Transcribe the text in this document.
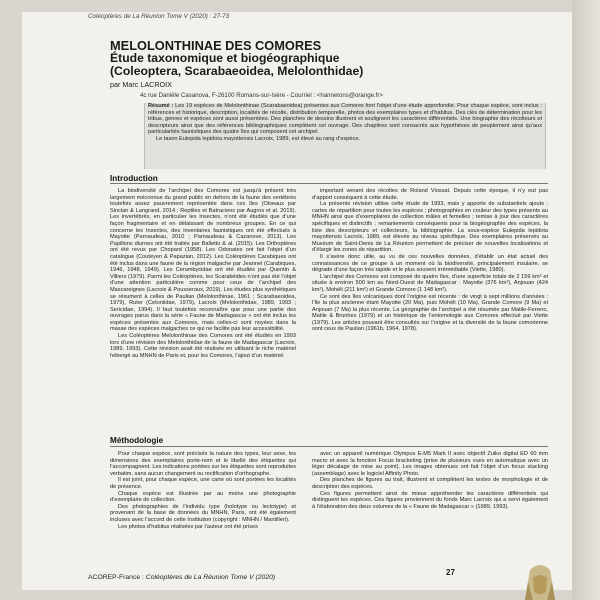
Coléoptères de La Réunion Tome V (2020) : 27-73
MELOLONTHINAE DES COMORES
Étude taxonomique et biogéographique
(Coleoptera, Scarabaeoidea, Melolonthidae)
par Marc LACROIX
4c rue Danièle Casanova, F-26100 Romans-sur-Isère - Courriel : <hannetons@orange.fr>

Résumé : Les 19 espèces de Melolonthinae (Scarabaeoidea) présentes aux Comores font l’objet d’une étude approfondie. Pour chaque espèce, sont inclus : références et historique, description, localités de récolte, distribution temporelle, photos des exemplaires types et d’habitus. Des clés de détermination pour les tribus, genres et espèces sont aussi présentées. Des planches de dessins illustrent et soulignent les caractères différentiels. Une biographie des récolteurs et descripteurs ainsi que des références bibliographiques complètent cet ouvrage. Des chapitres sont consacrés aux hypothèses de peuplement ainsi qu’aux particularités faunistiques des quatre îles qui composent cet archipel.

Le taxon Eulepida lepidota mayottensis Lacroix, 1989, est élevé au rang d’espèce.

Introduction

La biodiversité de l’archipel des Comores est jusqu’à présent très largement méconnue du grand public en dehors de la faune des vertébrés toutefois assez pauvrement représentée dans ces îles (Oiseaux par Sinclair & Langrand, 2014 ; Reptiles et Batraciens par Augros et al. 2019). Les invertébrés, en particulier les Insectes, n’ont été étudiés que d’une façon fragmentaire et en délaissant de nombreux groupes. En ce qui concerne les Insectes, des inventaires faunistiques ont été effectués à Mayotte (Parnaudeau, 2010 ; Parnaudeau & Cazanove, 2013). Les Papillons diurnes ont été traités par Balletto & al. (2015). Les Orthoptères ont été revus par Chopard (1958). Les Odonates ont fait l’objet d’un catalogue (Couteyen & Papazian, 2012). Les Coléoptères Carabiques ont été inclus dans une faune de la région malgache par Jeannel (Carabiques, 1946, 1948, 1949). Les Cerambycidae ont été étudiés par Quentin & Villiers (1979). Parmi les Coléoptères, les Scarabéides n’ont pas été l’objet d’une attention particulière comme pour ceux de l’archipel des Mascareignes (Lacroix & Pousseraux, 2019). Les études plus synthétiques se résument à celles de Paulian (Melolonthinae, 1961 ; Scarabaeoidea, 1979), Ruter (Cetoniidae, 1979), Lacroix (Melolonthidae, 1989, 1993 ; Sericidae, 1994). Il faut toutefois reconnaître que pour une partie des ouvrages parus dans la série « Faune de Madagascar » ont été inclus les espèces présentes aux Comores, mais celles-ci sont noyées dans la masse des espèces malgaches ce qui ne facilite pas leur accessibilité.

Les Coléoptères Melolonthinae des Comores ont été étudiés en 1993 lors d’une révision des Melolonthidae de la faune de Madagascar (Lacroix, 1989, 1993). Cette révision avait été réalisée en utilisant le riche matériel hébergé au MNHN de Paris et, pour les Comores, l’ajout d’un matériel

important venant des récoltes de Roland Viossat. Depuis cette époque, il n’y eut pas d’apport conséquent à cette étude.

La présente révision utilise cette étude de 1993, mais y apporte de substantiels ajouts : cartes de répartition pour toutes les espèces ; photographies en couleur des types présents au MNHN ainsi que d’exemplaires de collection mâles et femelles ; remise à jour des caractères spécifiques et distinctifs ; remaniements conséquents pour la biogéographie des espèces, la liste des descripteurs et collecteurs, la bibliographie. La sous-espèce Eulepida lepidota mayottensis Lacroix, 1989, est élevée au niveau spécifique. Des exemplaires préservés au Muséum de Saint-Denis de La Réunion permettent de préciser de nouvelles localisations et d’élargir les zones de répartition.

Il s’avère donc utile, au vu de ces nouvelles données, d’établir un état actuel des connaissances de ce groupe à un moment où la biodiversité, principalement insulaire, se dégrade d’une façon très rapide et le plus souvent irrémédiable (Viette, 1980).

L’archipel des Comores est composé de quatre îles, d’une superficie totale de 2 159 km² et située à environ 500 km au Nord-Ouest de Madagascar : Mayotte (376 km²), Anjouan (424 km²), Mohéli (211 km²) et Grande Comore (1 148 km²).

Ce sont des îles volcaniques dont l’origine est récente : de vingt à sept millions d’années : l’île la plus ancienne étant Mayotte (20 Ma), puis Mohéli (10 Ma), Grande Comore (9 Ma) et Anjouan (7 Ma) la plus récente. La géographie de l’archipel a été résumée par Matile-Ferrero, Matile & Brunhes (1979) et un historique de l’entomologie aux Comores effectué par Viette (1979). Les articles pouvant être consultés sur l’origine et la diversité de la faune comorienne sont ceux de Paulian (1961b, 1964, 1978).

Méthodologie

Pour chaque espèce, sont précisés la nature des types, leur sexe, les dimensions des exemplaires porte-nom et le libellé des étiquettes qui l’accompagnent. Les indications portées sur les étiquettes sont reproduites verbatim, sans aucun changement ou rectification d’orthographe.

Il est joint, pour chaque espèce, une carte où sont portées les localités de présence.

Chaque espèce est illustrée par au moins une photographie d’exemplaire de collection.

Des photographies de l’individu type (holotype ou lectotype) et provenant de la base de données du MNHN, Paris, ont été également incluses avec l’accord de cette Institution (copyright : MNHN / Mantilleri).

Les photos d’habitus réalisées par l’auteur ont été prises

avec un appareil numérique Olympus E-M5 Mark II avec objectif Zuiko digital ED 60 mm macro et avec la fonction Focus bracketing (prise de plusieurs vues en automatique avec un léger décalage de mise au point). Les images obtenues ont fait l’objet d’un focus stacking (assemblage) avec le logiciel Affinity Photo.

Des planches de figures au trait, illustrent et complètent les textes de morphologie et de description des espèces.

Ces figures permettent ainsi de mieux appréhender les caractères différentiels qui distinguent les espèces. Ces figures proviennent du fonds Marc Lacroix qui a servi également à l’élaboration des deux volumes de la « Faune de Madagascar » (1989, 1993).

ACOREP-France : Coléoptères de La Réunion Tome V (2020)
27
